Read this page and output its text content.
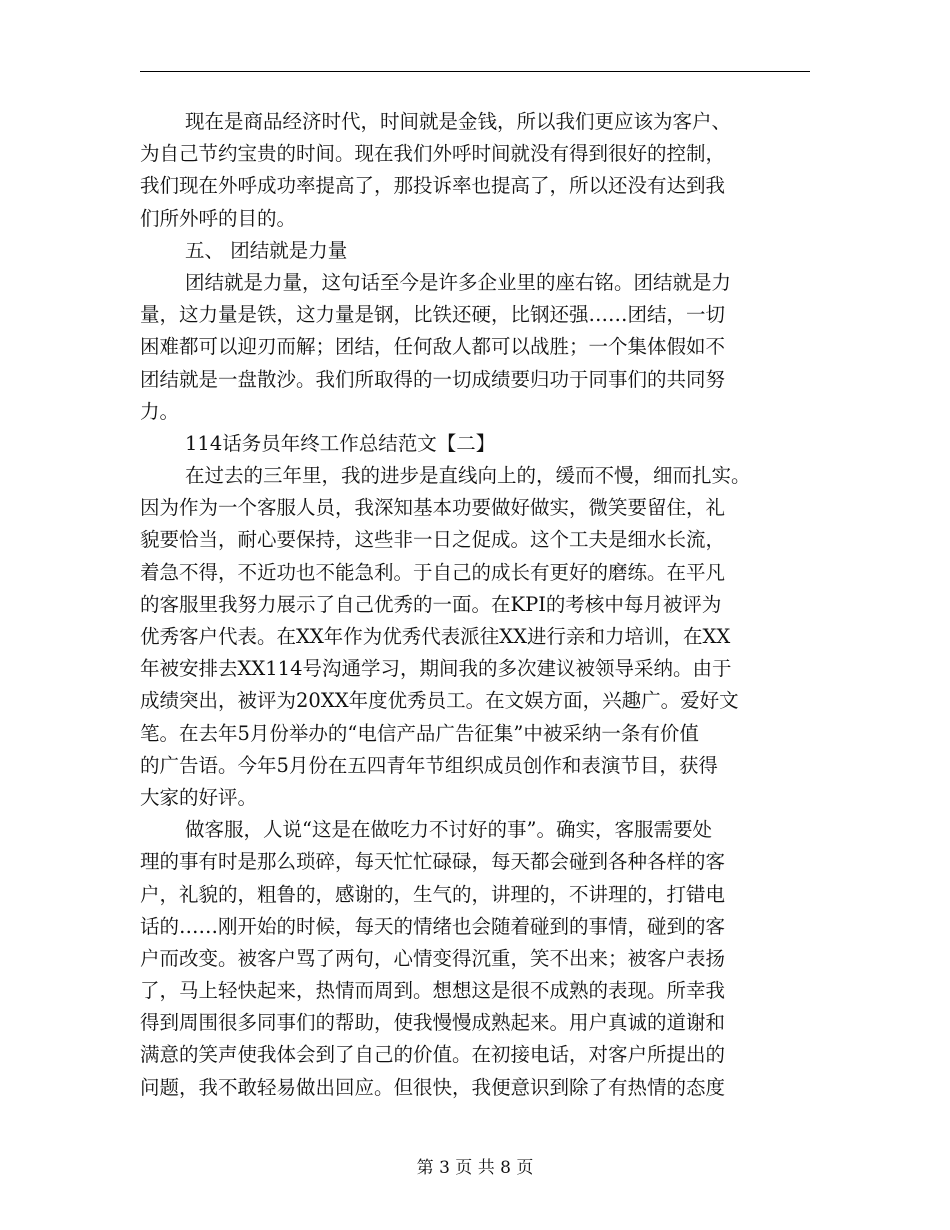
现在是商品经济时代，时间就是金钱，所以我们更应该为客户、
为自己节约宝贵的时间。现在我们外呼时间就没有得到很好的控制，
我们现在外呼成功率提高了，那投诉率也提高了，所以还没有达到我
们所外呼的目的。
五、 团结就是力量
团结就是力量，这句话至今是许多企业里的座右铭。团结就是力
量，这力量是铁，这力量是钢，比铁还硬，比钢还强……团结，一切
困难都可以迎刃而解；团结，任何敌人都可以战胜；一个集体假如不
团结就是一盘散沙。我们所取得的一切成绩要归功于同事们的共同努
力。
114话务员年终工作总结范文【二】
在过去的三年里，我的进步是直线向上的，缓而不慢，细而扎实。
因为作为一个客服人员，我深知基本功要做好做实，微笑要留住，礼
貌要恰当，耐心要保持，这些非一日之促成。这个工夫是细水长流，
着急不得，不近功也不能急利。于自己的成长有更好的磨练。在平凡
的客服里我努力展示了自己优秀的一面。在KPI的考核中每月被评为
优秀客户代表。在XX年作为优秀代表派往XX进行亲和力培训，在XX
年被安排去XX114号沟通学习，期间我的多次建议被领导采纳。由于
成绩突出，被评为20XX年度优秀员工。在文娱方面，兴趣广。爱好文
笔。在去年5月份举办的“电信产品广告征集”中被采纳一条有价值
的广告语。今年5月份在五四青年节组织成员创作和表演节目，获得
大家的好评。
做客服，人说“这是在做吃力不讨好的事”。确实，客服需要处
理的事有时是那么琐碎，每天忙忙碌碌，每天都会碰到各种各样的客
户，礼貌的，粗鲁的，感谢的，生气的，讲理的，不讲理的，打错电
话的……刚开始的时候，每天的情绪也会随着碰到的事情，碰到的客
户而改变。被客户骂了两句，心情变得沉重，笑不出来；被客户表扬
了，马上轻快起来，热情而周到。想想这是很不成熟的表现。所幸我
得到周围很多同事们的帮助，使我慢慢成熟起来。用户真诚的道谢和
满意的笑声使我体会到了自己的价值。在初接电话，对客户所提出的
问题，我不敢轻易做出回应。但很快，我便意识到除了有热情的态度
第 3 页 共 8 页
